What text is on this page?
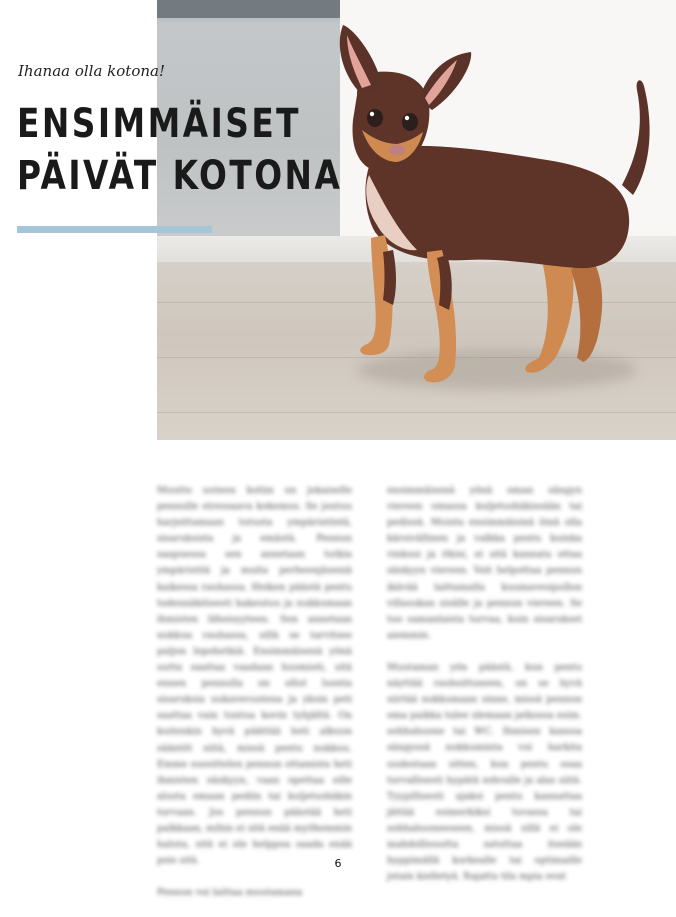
Ihanaa olla kotona!
ENSIMMÄISET
PÄIVÄT KOTONA

Muutto uuteen kotiin on jokaiselle pennulle stressaava kokemus. Se joutuu harjoittamaan tutusta ympäristöstä, sisaruksista ja emästä. Pennun saapuessa sen annetaan tutkia ympäristöä ja muita perheenjäseniä kaikessa rauhassa. Heiken päästä pentu todennäköisesti hakeutuu ja nukkumaan ihmisten läheisyyteen. Sen annetaan nukkua rauhassa, sillä se tarvitsee paljon lepohetkiä. Ensimmäisenä yönä uutta saattaa vaadaan huomioti, sitä ennen pennulla on ollut luonta sisaruksia uukaveruutena ja yksin peti saattaa vain tuntua kovin tyhjältä. On kuitenkin hyvä päättää heti alkuun sääntöt siitä, missä pentu nukkuu. Emme suosittelen pennun ottamista heti ihmisten sänkyyn, vaan opettaa sille alusta omaan pediin tai kuljetushäkin turvaan. Jos pennun päästää heti palkkaan, mihin ei sitä enää myöhemmin haluta, sitä ei ole helppoa saada enää pois sitä.

Pennun voi laittaa muutamana

ensimmäisenä yönä oman sängyn viereen omassa kuljetushäkissään tai pedissä. Muista ensimmäisinä öinä olla kärsivällinen ja valkka pentu kuinka vinkusi ja itkisi, ei sitä kannata ottaa sänkyyn viereen. Voit helpottaa pennun ikävää laittamalla kuumavesipullon villasukan sisälle ja pennun viereen. Se tuo samanlaista turvaa, kuin sisarukset aiemmin.

Muutaman yön päästä, kun pentu näyttää rauhoittuneen, on se hyvä siirtää nukkumaan sinne, missä pennun oma paikka tulee olemaan jatkossa esim. sohhahuone tai WC. Ihmisen kanssa sängyssä nukkuminta voi harkita uudestaan sitten, kun pentu osaa turvallisesti hypätä sohvalle ja alas siitä. Tyypillisesti ajaksi pentu kannattaa jättää esimerkiksi tuvassa tai sohhahuoneeseen, missä sillä ei ole mahdollisuutta satuttaa itseään hyppimällä korkealle tai optimaille jotain kielletyä. Rajatta tila mpia ovat

6
